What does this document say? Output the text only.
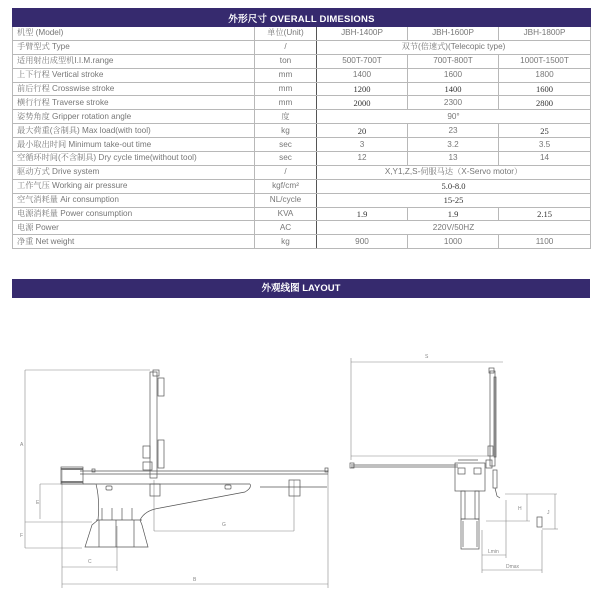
外形尺寸 OVERALL DIMESIONS				
机型 (Model)	单位(Unit)	JBH-1400P	JBH-1600P	JBH-1800P
手臂型式 Type	/	双节(倍速式)(Telecopic type)		
适用射出成型机I.I.M.range	ton	500T-700T	700T-800T	1000T-1500T
上下行程 Vertical stroke	mm	1400	1600	1800
前后行程 Crosswise stroke	mm	1200	1400	1600
横行行程 Traverse stroke	mm	2000	2300	2800
姿势角度 Gripper rotation angle	度	90°		
最大荷重(含制具) Max load(with tool)	kg	20	23	25
最小取出时间 Minimum take-out time	sec	3	3.2	3.5
空循环时间(不含制具) Dry cycle time(without tool)	sec	12	13	14
驱动方式 Drive system	/	X,Y1,Z,S-伺服马达（X-Servo motor）		
工作气压 Working air pressure	kgf/cm²	5.0-8.0		
空气消耗量 Air consumption	NL/cycle	15-25		
电源消耗量 Power consumption	KVA	1.9	1.9	2.15
电源 Power	AC	220V/50HZ		
净重 Net weight	kg	900	1000	1100
外观线图 LAYOUT
A
E
F
C
B
G
S
H
J
Lmin
Dmax
